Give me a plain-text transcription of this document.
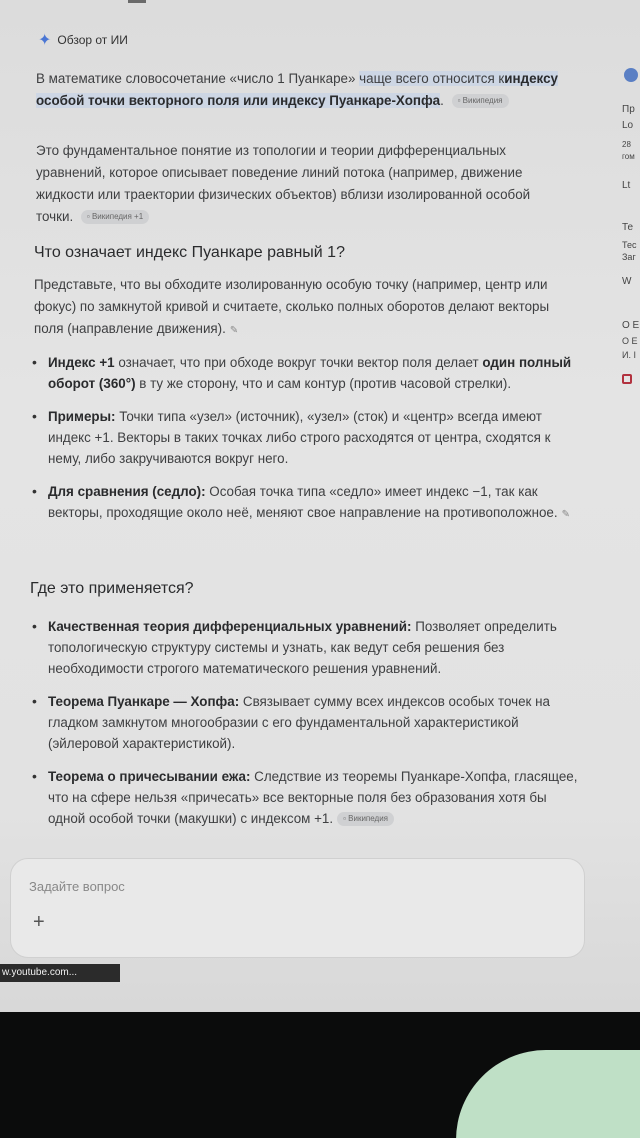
✦ Обзор от ИИ

В математике словосочетание «число 1 Пуанкаре» чаще всего относится киндексу особой точки векторного поля или индексу Пуанкаре-Хопфа. ▫ Википедия

Это фундаментальное понятие из топологии и теории дифференциальных уравнений, которое описывает поведение линий потока (например, движение жидкости или траектории физических объектов) вблизи изолированной особой точки. ▫ Википедия +1

Что означает индекс Пуанкаре равный 1?

Представьте, что вы обходите изолированную особую точку (например, центр или фокус) по замкнутой кривой и считаете, сколько полных оборотов делают векторы поля (направление движения). ✎

• Индекс +1 означает, что при обходе вокруг точки вектор поля делает один полный оборот (360°) в ту же сторону, что и сам контур (против часовой стрелки).
• Примеры: Точки типа «узел» (источник), «узел» (сток) и «центр» всегда имеют индекс +1. Векторы в таких точках либо строго расходятся от центра, сходятся к нему, либо закручиваются вокруг него.
• Для сравнения (седло): Особая точка типа «седло» имеет индекс −1, так как векторы, проходящие около неё, меняют свое направление на противоположное. ✎
Где это применяется?
• Качественная теория дифференциальных уравнений: Позволяет определить топологическую структуру системы и узнать, как ведут себя решения без необходимости строгого математического решения уравнений.
• Теорема Пуанкаре — Хопфа: Связывает сумму всех индексов особых точек на гладком замкнутом многообразии с его фундаментальной характеристикой (эйлеровой характеристикой).
• Теорема о причесывании ежа: Следствие из теоремы Пуанкаре-Хопфа, гласящее, что на сфере нельзя «причесать» все векторные поля без образования хотя бы одной особой точки (макушки) с индексом +1. ▫ Википедия
Задайте вопрос
+
w.youtube.com...
Пр
Lo
28
гом
Lt
Те
Тес
Заг
W
О Е
О Е
И. І
